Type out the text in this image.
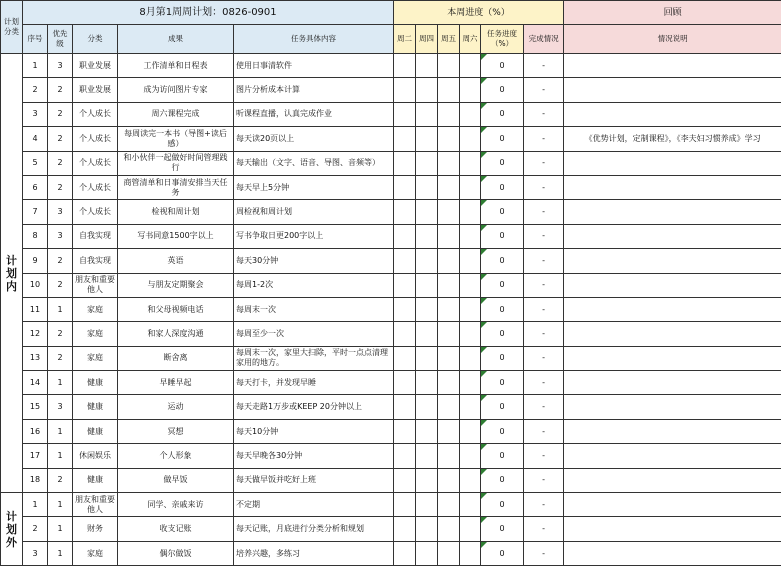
计划分类	8月第1周周计划：0826-0901					本周进度（%）						回顾
	序号	优先级	分类	成果	任务具体内容	周二	周四	周五	周六	任务进度（%）	完成情况	情况说明

计
划
内	1	3	职业发展	工作清单和日程表	使用日事清软件					0	-	
	2	2	职业发展	成为访问图片专家	图片分析成本计算					0	-	
	3	2	个人成长	周六课程完成	听课程直播，认真完成作业					0	-	
	4	2	个人成长	每周读完一本书（导图+读后感）	每天读20页以上					0	-	《优势计划，定制课程》，《李夫妇习惯养成》学习
	5	2	个人成长	和小伙伴一起做好时间管理践行	每天输出（文字、语音、导图、音频等）					0	-	
	6	2	个人成长	商管清单和日事清安排当天任务	每天早上5分钟					0	-	
	7	3	个人成长	检视和周计划	周检视和周计划					0	-	
	8	3	自我实现	写书同意1500字以上	写书争取日更200字以上					0	-	
	9	2	自我实现	英语	每天30分钟					0	-	
	10	2	朋友和重要他人	与朋友定期聚会	每周1-2次					0	-	
	11	1	家庭	和父母视频电话	每周末一次					0	-	
	12	2	家庭	和家人深度沟通	每周至少一次					0	-	
	13	2	家庭	断舍离	每周末一次，家里大扫除，平时一点点清理家用的地方。					0	-	
	14	1	健康	早睡早起	每天打卡，并发现早睡					0	-	
	15	3	健康	运动	每天走路1万步或KEEP 20分钟以上					0	-	
	16	1	健康	冥想	每天10分钟					0	-	
	17	1	休闲娱乐	个人形象	每天早晚各30分钟					0	-	
	18	2	健康	做早饭	每天做早饭并吃好上班					0	-	

计
划
外	1	1	朋友和重要他人	同学、亲戚来访	不定期					0	-	
	2	1	财务	收支记账	每天记账，月底进行分类分析和规划					0	-	
	3	1	家庭	偶尔做饭	培养兴趣，多练习					0	-	
